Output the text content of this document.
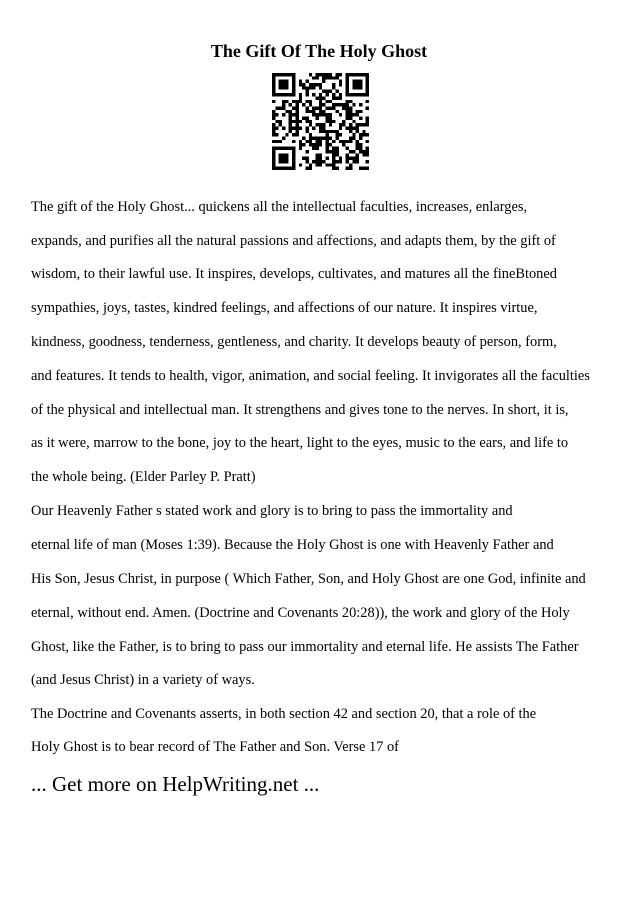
The Gift Of The Holy Ghost

The gift of the Holy Ghost... quickens all the intellectual faculties, increases, enlarges,

expands, and purifies all the natural passions and affections, and adapts them, by the gift of

wisdom, to their lawful use. It inspires, develops, cultivates, and matures all the fineBtoned

sympathies, joys, tastes, kindred feelings, and affections of our nature. It inspires virtue,

kindness, goodness, tenderness, gentleness, and charity. It develops beauty of person, form,

and features. It tends to health, vigor, animation, and social feeling. It invigorates all the faculties

of the physical and intellectual man. It strengthens and gives tone to the nerves. In short, it is,

as it were, marrow to the bone, joy to the heart, light to the eyes, music to the ears, and life to

the whole being. (Elder Parley P. Pratt)

Our Heavenly Father s stated work and glory is to bring to pass the immortality and

eternal life of man (Moses 1:39). Because the Holy Ghost is one with Heavenly Father and

His Son, Jesus Christ, in purpose ( Which Father, Son, and Holy Ghost are one God, infinite and

eternal, without end. Amen. (Doctrine and Covenants 20:28)), the work and glory of the Holy

Ghost, like the Father, is to bring to pass our immortality and eternal life. He assists The Father

(and Jesus Christ) in a variety of ways.

The Doctrine and Covenants asserts, in both section 42 and section 20, that a role of the

Holy Ghost is to bear record of The Father and Son. Verse 17 of

... Get more on HelpWriting.net ...
